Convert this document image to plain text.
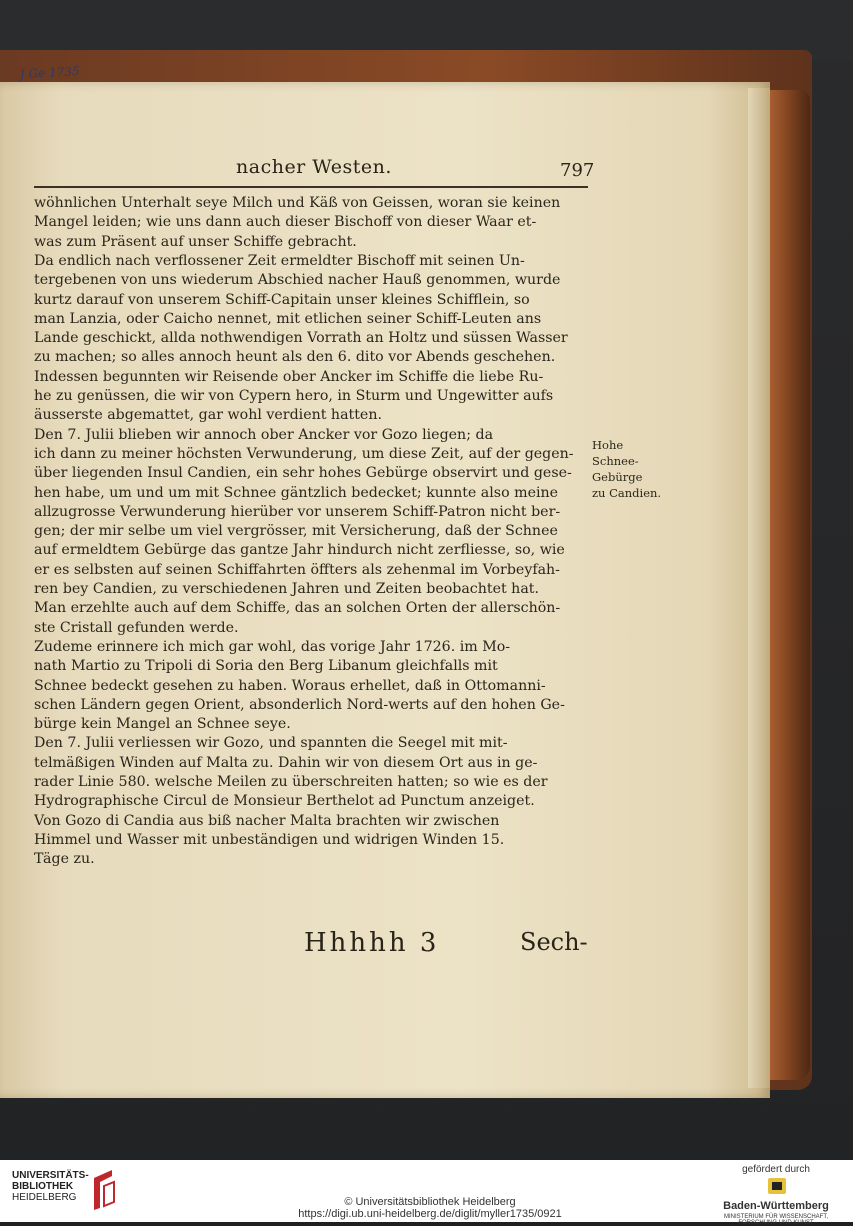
J Ge 1735
nacher Westen.	797
wöhnlichen Unterhalt seye Milch und Käß von Geissen, woran sie keinen
Mangel leiden; wie uns dann auch dieser Bischoff von dieser Waar et-
was zum Präsent auf unser Schiffe gebracht.
Da endlich nach verflossener Zeit ermeldter Bischoff mit seinen Un-
tergebenen von uns wiederum Abschied nacher Hauß genommen, wurde
kurtz darauf von unserem Schiff-Capitain unser kleines Schifflein, so
man Lanzia, oder Caicho nennet, mit etlichen seiner Schiff-Leuten ans
Lande geschickt, allda nothwendigen Vorrath an Holtz und süssen Wasser
zu machen; so alles annoch heunt als den 6. dito vor Abends geschehen.
Indessen begunnten wir Reisende ober Ancker im Schiffe die liebe Ru-
he zu genüssen, die wir von Cypern hero, in Sturm und Ungewitter aufs
äusserste abgemattet, gar wohl verdient hatten.
Den 7. Julii blieben wir annoch ober Ancker vor Gozo liegen; da
ich dann zu meiner höchsten Verwunderung, um diese Zeit, auf der gegen-
über liegenden Insul Candien, ein sehr hohes Gebürge observirt und gese-
hen habe, um und um mit Schnee gäntzlich bedecket; kunnte also meine
allzugrosse Verwunderung hierüber vor unserem Schiff-Patron nicht ber-
gen; der mir selbe um viel vergrösser, mit Versicherung, daß der Schnee
auf ermeldtem Gebürge das gantze Jahr hindurch nicht zerfliesse, so, wie
er es selbsten auf seinen Schiffahrten öffters als zehenmal im Vorbeyfah-
ren bey Candien, zu verschiedenen Jahren und Zeiten beobachtet hat.
Man erzehlte auch auf dem Schiffe, das an solchen Orten der allerschön-
ste Cristall gefunden werde.
Zudeme erinnere ich mich gar wohl, das vorige Jahr 1726. im Mo-
nath Martio zu Tripoli di Soria den Berg Libanum gleichfalls mit
Schnee bedeckt gesehen zu haben. Woraus erhellet, daß in Ottomanni-
schen Ländern gegen Orient, absonderlich Nord-werts auf den hohen Ge-
bürge kein Mangel an Schnee seye.
Den 7. Julii verliessen wir Gozo, und spannten die Seegel mit mit-
telmäßigen Winden auf Malta zu. Dahin wir von diesem Ort aus in ge-
rader Linie 580. welsche Meilen zu überschreiten hatten; so wie es der
Hydrographische Circul de Monsieur Berthelot ad Punctum anzeiget.
Von Gozo di Candia aus biß nacher Malta brachten wir zwischen
Himmel und Wasser mit unbeständigen und widrigen Winden 15.
Täge zu.
Hohe
Schnee-
Gebürge
zu Candien.
Hhhhh 3	Sech-
UNIVERSITÄTS-
BIBLIOTHEK
HEIDELBERG	© Universitätsbibliothek Heidelberg
https://digi.ub.uni-heidelberg.de/diglit/myller1735/0921
gefördert durch
Baden-Württemberg
MINISTERIUM FÜR WISSENSCHAFT, FORSCHUNG UND KUNST
